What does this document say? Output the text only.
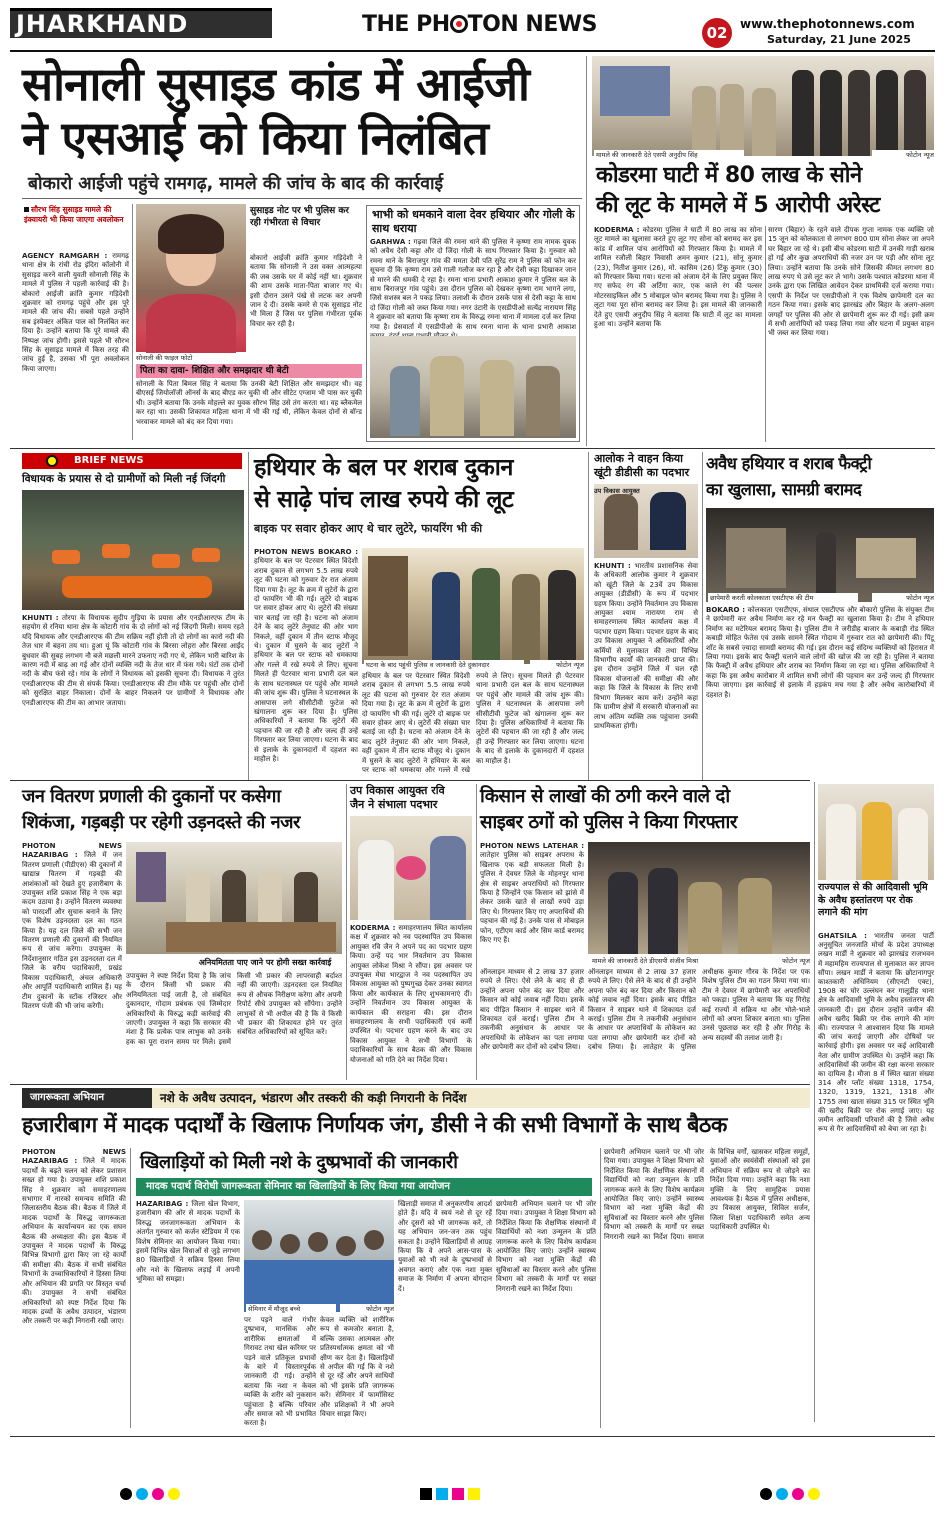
JHARKHAND	THE PH TON NEWS	02	www.thephotonnews.com
Saturday, 21 June 2025
सोनाली सुसाइड कांड में आईजी
ने एसआई को किया निलंबित
बोकारो आईजी पहुंचे रामगढ़, मामले की जांच के बाद की कार्रवाई
सौरभ सिंह सुसाइड मामले की इंक्वायरी भी किया जाएगा अवलोकन
AGENCY RAMGARH : रामगढ़ थाना क्षेत्र के रांची रोड इंदिरा कॉलोनी में सुसाइड करने वाली युवती सोनाली सिंह के मामले में पुलिस ने पहली कार्रवाई की है। बोकारो आईजी क्रांति कुमार गड़िदेशी शुक्रवार को रामगढ़ पहुंचे और इस पूरे मामले की जांच की। सबसे पहले उन्होंने सब इंस्पेक्टर अंकित पाल को निलंबित कर दिया है। उन्होंने बताया कि पूरे मामले की निष्पक्ष जांच होगी। इससे पहले भी सौरभ सिंह के सुसाइड मामले में किस तरह की जांच हुई है, उसका भी पूरा अवलोकन किया जाएगा।
सोनाली की फाइल फोटो
सुसाइड नोट पर भी पुलिस कर रही गंभीरता से विचार
बोकारो आईजी क्रांति कुमार गड़िदेशी ने बताया कि सोनाली ने उस वक्त आत्महत्या की जब उसके घर में कोई नहीं था। शुक्रवार की शाम उसके माता-पिता बाजार गए थे। इसी दौरान उसने पंखे से लटक कर अपनी जान दे दी। उसके कमरे से एक सुसाइड नोट भी मिला है जिस पर पुलिस गंभीरता पूर्वक विचार कर रही है।
पिता का दावा- शिक्षित और समझदार थी बेटी
सोनाली के पिता बिमल सिंह ने बताया कि उनकी बेटी शिक्षित और समझदार थी। वह बीएसई जियोलॉजी ऑनर्स के बाद बीएड कर चुकी थी और सीटेट एग्जाम भी पास कर चुकी थी। उन्होंने बताया कि उनके मोहल्ले का युवक सौरभ सिंह उसे तंग करता था। वह ब्लैकमेल कर रहा था। उसकी शिकायत महिला थाना में भी की गई थी, लेकिन केवल दोनों से बॉन्ड भरवाकर मामले को बंद कर दिया गया।
भाभी को धमकाने वाला देवर हथियार और गोली के साथ धराया
GARHWA : गढ़वा जिले की रमना थाने की पुलिस ने कृष्णा राम नामक युवक को अवैध देसी कट्टा और दो जिंदा गोली के साथ गिरफ्तार किया है। गुरुवार को रमना थाने के बिराजपुर गांव की ममता देवी पति सुरेंद्र राम ने पुलिस को फोन कर सूचना दी कि कृष्णा राम उसे गाली गलौज कर रहा है और देसी कट्टा दिखाकर जान से मारने की धमकी दे रहा है। रमना थाना प्रभारी आकाश कुमार ने पुलिस बल के साथ बिराजपुर गांव पहुंचे। उस दौरान पुलिस को देखकर कृष्णा राम भागने लगा, जिसे सशस्त्र बल ने पकड़ लिया। तलाशी के दौरान उसके पास से देसी कट्टा के साथ दो जिंदा गोली को जब्त किया गया। नगर उंटारी के एसडीपीओ सत्येंद्र नारायण सिंह ने शुक्रवार को बताया कि कृष्णा राम के विरुद्ध रमना थाना में मामला दर्ज कर लिया गया है। प्रेसवार्ता में एसडीपीओ के साथ रमना थाना के थाना प्रभारी आकाश
मामले की जानकारी देते एसपी अनुदीप सिंह	फोटोन न्यूज
कोडरमा घाटी में 80 लाख के सोने
की लूट के मामले में 5 आरोपी अरेस्ट
KODERMA : कोडरमा पुलिस ने घाटी में 80 लाख का सोना लूट मामले का खुलासा करते हुए लूट गए सोना को बरामद कर इस कांड में शामिल पांच आरोपियों को गिरफ्तार किया है। मामले में शामिल रजौली बिहार निवासी अमन कुमार (21), सोनू कुमार (23), नितीश कुमार (26), मो. कासिम (26) टिंकू कुमार (30) को गिरफ्तार किया गया। घटना को अंजाम देने के लिए प्रयुक्त किए गए सफेद रंग की अर्टिगा कार, एक काले रंग की पल्सर मोटरसाइकिल और 5 मोबाइल फोन बरामद किया गया है। पुलिस ने लूटा गया पूरा सोना बरामद कर लिया है। इस मामले की जानकारी देते हुए एसपी अनुदीप सिंह ने बताया कि घाटी में लूट का मामला हुआ था। उन्होंने बताया कि
सारण (बिहार) के रहने वाले दीपक गुप्ता नामक एक व्यक्ति जो 15 जून को कोलकाता से लगभग 800 ग्राम सोना लेकर जा अपने घर बिहार जा रहे थे। इसी बीच कोडरमा घाटी में उनकी गाड़ी खराब हो गई और कुछ अपराधियों की नजर उन पर पड़ी और सोना लूट लिया। उन्होंने बताया कि उनके सोने जिसकी कीमत लगभग 80 लाख रुपए थे उसे लूट कर ले भागे। उसके पश्चात कोडरमा थाना में उनके द्वारा एक लिखित आवेदन देकर प्राथमिकी दर्ज कराया गया। एसपी के निर्देश पर एसडीपीओ ने एक विशेष छापेमारी दल का गठन किया गया। इसके बाद झारखंड और बिहार के अलग-अलग जगहों पर पुलिस की ओर से छापेमारी शुरू कर दी गई। इसी क्रम में सभी आरोपियों को पकड़ लिया गया और घटना में प्रयुक्त वाहन भी जब्त कर लिया गया।
BRIEF NEWS
विधायक के प्रयास से दो ग्रामीणों को मिली नई जिंदगी
KHUNTI : तोरपा के विधायक सुदीप गुड़िया के प्रयास और एनडीआरएफ टीम के सहयोग से रनिया थाना क्षेत्र के कोटारी गांव के दो लोगों को नई जिंदगी मिली। समय रहते यदि विधायक और एनडीआरएफ की टीम सक्रिय नहीं होती तो दो लोगों का कारो नदी की तेज धार में बहना तय था। हुआ यूं कि कोटारी गांव के बिरसा लोहरा और बिरसा आईंद बुधवार की सुबह लगभग नौ बजे मछली मारने उफनाए नदी गए थे, लेकिन भारी बारिश के कारण नदी में बाढ़ आ गई और दोनों व्यक्ति नदी के तेज धार में फंस गये। घंटों तक दोनों नदी के बीच फंसे रहे। गांव के लोगों ने विधायक को इसकी सूचना दी। विधायक ने तुरंत एनडीआरएफ की टीम से संपर्क किया। एनडीआरएफ की टीम मौके पर पहुंची और दोनों को सुरक्षित बाहर निकाला। दोनों के बाहर निकलने पर ग्रामीणों ने विधायक और एनडीआरएफ की टीम का आभार जताया।
हथियार के बल पर शराब दुकान
से साढ़े पांच लाख रुपये की लूट
बाइक पर सवार होकर आए थे चार लुटेरे, फायरिंग भी की
PHOTON NEWS BOKARO : हथियार के बल पर पेटरवार स्थित विदेशी शराब दुकान से लगभग 5.5 लाख रुपये लूट की घटना को गुरुवार देर रात अंजाम दिया गया है। लूट के क्रम में लुटेरों के द्वारा दो फायरिंग भी की गई। लुटेरे दो बाइक पर सवार होकर आए थे। लुटेरों की संख्या चार बताई जा रही है। घटना को अंजाम देने के बाद लुटेरे तेनुघाट की ओर भाग निकले, वहीं दुकान में तीन स्टाफ मौजूद थे। दुकान में घुसने के बाद लुटेरों ने हथियार के बल पर स्टाफ को धमकाया और गल्ले में रखे रुपये ले लिए। सूचना मिलते ही पेटरवार थाना प्रभारी दल बल के साथ घटनास्थल पर पहुंचे और मामले की जांच शुरू की। पुलिस ने घटनास्थल के आसपास लगे सीसीटीवी फुटेज को खंगालना शुरू कर दिया है। पुलिस अधिकारियों ने बताया कि लुटेरों की पहचान की जा रही है और जल्द ही उन्हें गिरफ्तार कर लिया जाएगा। घटना के बाद से इलाके के दुकानदारों में दहशत का माहौल है।
घटना के बाद पहुंची पुलिस व जानकारी देते दुकानदार	फोटोन न्यूज
हथियार के बल पर पेटरवार स्थित विदेशी शराब दुकान से लगभग 5.5 लाख रुपये लूट की घटना को गुरुवार देर रात अंजाम दिया गया है। लूट के क्रम में लुटेरों के द्वारा दो फायरिंग भी की गई। लुटेरे दो बाइक पर सवार होकर आए थे। लुटेरों की संख्या चार बताई जा रही है। घटना को अंजाम देने के बाद लुटेरे तेनुघाट की ओर भाग निकले, वहीं दुकान में तीन स्टाफ मौजूद थे। दुकान में घुसने के बाद लुटेरों ने हथियार के बल पर स्टाफ को धमकाया और गल्ले में रखे रुपये ले लिए। सूचना मिलते ही पेटरवार थाना प्रभारी दल बल के साथ घटनास्थल पर पहुंचे और मामले की जांच शुरू की। पुलिस ने घटनास्थल के आसपास लगे सीसीटीवी फुटेज को खंगालना शुरू कर दिया है। पुलिस अधिकारियों ने बताया कि लुटेरों की पहचान की जा रही है और जल्द ही उन्हें गिरफ्तार कर लिया जाएगा। घटना के बाद से इलाके के दुकानदारों में दहशत का माहौल है।
आलोक ने वाहन किया
खूंटी डीडीसी का पदभार
उप विकास आयुक्त
KHUNTI : भारतीय प्रशासनिक सेवा के अधिकारी आलोक कुमार ने शुक्रवार को खूंटी जिले के 23वें उप विकास आयुक्त (डीडीसी) के रूप में पदभार ग्रहण किया। उन्होंने निवर्तमान उप विकास आयुक्त श्याम नारायण राम से समाहरणालय स्थित कार्यालय कक्ष में पदभार ग्रहण किया। पदभार ग्रहण के बाद उप विकास आयुक्त ने अधिकारियों और कर्मियों से मुलाकात की तथा विभिन्न विभागीय कार्यों की जानकारी प्राप्त की। इस दौरान उन्होंने जिले में चल रही विकास योजनाओं की समीक्षा की और कहा कि जिले के विकास के लिए सभी विभाग मिलकर काम करें। उन्होंने कहा कि ग्रामीण क्षेत्रों में सरकारी योजनाओं का लाभ अंतिम व्यक्ति तक पहुंचाना उनकी प्राथमिकता होगी।
अवैध हथियार व शराब फैक्ट्री
का खुलासा, सामग्री बरामद
छापेमारी करती कोलकाता एसटीएफ की टीम	फोटोन न्यूज
BOKARO : कोलकाता एसटीएफ, संथाल एसटीएफ और बोकारो पुलिस के संयुक्त टीम ने छापेमारी कर अवैध निर्माण कर रहे मन फैक्ट्री का खुलासा किया है। टीम ने हथियार निर्माण का मटेरियल बरामद किया है। पुलिस टीम ने जरीडीह बाजार के कबाड़ी रोड स्थित कबाड़ी मोहित फेतेस एवं उसके सामने स्थित गोदाम में गुरुवार रात को छापेमारी की। पिंटू शॉट के सबसे ज्यादा सामग्री बरामद की गई। इस दौरान कई संदिग्ध व्यक्तियों को हिरासत में लिया गया। इसके बाद फैक्ट्री चलाने वाले लोगों की खोज की जा रही है। पुलिस ने बताया कि फैक्ट्री में अवैध हथियार और शराब का निर्माण किया जा रहा था। पुलिस अधिकारियों ने कहा कि इस अवैध कारोबार में शामिल सभी लोगों की पहचान कर उन्हें जल्द ही गिरफ्तार किया जाएगा। इस कार्रवाई से इलाके में हड़कंप मच गया है और अवैध कारोबारियों में दहशत है।
जन वितरण प्रणाली की दुकानों पर कसेगा
शिकंजा, गड़बड़ी पर रहेगी उड़नदस्ते की नजर
PHOTON NEWS HAZARIBAG : जिले में जन वितरण प्रणाली (पीडीएस) की दुकानों में खाद्यान्न वितरण में गड़बड़ी की आशंकाओं को देखते हुए हजारीबाग के उपायुक्त शशि प्रकाश सिंह ने एक बड़ा कदम उठाया है। उन्होंने वितरण व्यवस्था को पारदर्शी और सुचारु बनाने के लिए एक विशेष उड़नदस्ता दल का गठन किया है। यह दल जिले की सभी जन वितरण प्रणाली की दुकानों की नियमित रूप से जांच करेगा। उपायुक्त के निर्देशानुसार गठित इस उड़नदस्ता दल में जिले के वरीय पदाधिकारी, प्रखंड विकास पदाधिकारी, अंचल अधिकारी और आपूर्ति पदाधिकारी शामिल हैं। यह टीम दुकानों के स्टॉक रजिस्टर और वितरण पंजी की भी जांच करेगी।
अनियमितता पाए जाने पर होगी सख्त कार्रवाई
उपायुक्त ने स्पष्ट निर्देश दिया है कि जांच के दौरान किसी भी प्रकार की अनियमितता पाई जाती है, तो संबंधित दुकानदार, गोदाम प्रबंधक एवं जिम्मेदार अधिकारियों के विरुद्ध कड़ी कार्रवाई की जाएगी। उपायुक्त ने कहा कि सरकार की मंशा है कि प्रत्येक पात्र लाभुक को उनके हक का पूरा राशन समय पर मिले। इसमें किसी भी प्रकार की लापरवाही बर्दाश्त नहीं की जाएगी। उड़नदस्ता दल नियमित रूप से औचक निरीक्षण करेगा और अपनी रिपोर्ट सीधे उपायुक्त को सौंपेगा। उन्होंने लाभुकों से भी अपील की है कि वे किसी भी प्रकार की शिकायत होने पर तुरंत संबंधित अधिकारियों को सूचित करें।
उप विकास आयुक्त रवि
जैन ने संभाला पदभार
KODERMA : समाहरणालय स्थित कार्यालय कक्ष में शुक्रवार को नव पदस्थापित उप विकास आयुक्त रवि जैन ने अपने पद का पदभार ग्रहण किया। उन्हें पद भार निवर्तमान उप विकास आयुक्त लोकेश मिश्रा ने सौंपा। इस अवसर पर उपायुक्त मेघा भारद्वाज ने नव पदस्थापित उप विकास आयुक्त को पुष्पगुच्छ देकर उनका स्वागत किया और कार्यकाल के लिए शुभकामनाएं दीं। उन्होंने निवर्तमान उप विकास आयुक्त के कार्यकाल की सराहना की। इस दौरान समाहरणालय के सभी पदाधिकारी एवं कर्मी उपस्थित थे। पदभार ग्रहण करने के बाद उप विकास आयुक्त ने सभी विभागों के पदाधिकारियों के साथ बैठक की और विकास योजनाओं को गति देने का निर्देश दिया।
किसान से लाखों की ठगी करने वाले दो
साइबर ठगों को पुलिस ने किया गिरफ्तार
PHOTON NEWS LATEHAR : लातेहार पुलिस को साइबर अपराध के खिलाफ एक बड़ी सफलता मिली है। पुलिस ने देवघर जिले के मोहनपुर थाना क्षेत्र से साइबर अपराधियों को गिरफ्तार किया है जिन्होंने एक किसान को झांसे में लेकर उसके खाते से लाखों रुपये उड़ा लिए थे। गिरफ्तार किए गए अपराधियों की पहचान की गई है। उनके पास से मोबाइल फोन, एटीएम कार्ड और सिम कार्ड बरामद किए गए हैं।
मामले की जानकारी देते डीएसपी संजीव मिश्रा	फोटोन न्यूज
ऑनलाइन माध्यम से 2 लाख 37 हजार रुपये ले लिए। ऐसे लेने के बाद से ही उन्होंने अपना फोन बंद कर दिया और किसान को कोई जवाब नहीं दिया। इसके बाद पीड़ित किसान ने साइबर थाने में शिकायत दर्ज कराई। पुलिस टीम ने तकनीकी अनुसंधान के आधार पर अपराधियों के लोकेशन का पता लगाया और छापेमारी कर दोनों को दबोच लिया।
ऑनलाइन माध्यम से 2 लाख 37 हजार रुपये ले लिए। ऐसे लेने के बाद से ही उन्होंने अपना फोन बंद कर दिया और किसान को कोई जवाब नहीं दिया। इसके बाद पीड़ित किसान ने साइबर थाने में शिकायत दर्ज कराई। पुलिस टीम ने तकनीकी अनुसंधान के आधार पर अपराधियों के लोकेशन का पता लगाया और छापेमारी कर दोनों को दबोच लिया। है। लातेहार के पुलिस अधीक्षक कुमार गौरव के निर्देश पर एक विशेष पुलिस टीम का गठन किया गया था। टीम ने देवघर में छापेमारी कर अपराधियों को पकड़ा। पुलिस ने बताया कि यह गिरोह कई राज्यों में सक्रिय था और भोले-भाले लोगों को अपना शिकार बनाता था। पुलिस उनसे पूछताछ कर रही है और गिरोह के अन्य सदस्यों की तलाश जारी है।
राज्यपाल से की आदिवासी भूमि के अवैध हस्तांतरण पर रोक लगाने की मांग
GHATSILA : भारतीय जनता पार्टी अनुसूचित जनजाति मोर्चा के प्रदेश उपाध्यक्ष लखन मार्डी ने शुक्रवार को झारखंड राजभवन में महामहिम राज्यपाल से मुलाकात कर ज्ञापन सौंपा। लखन मार्डी ने बताया कि छोटानागपुर काश्तकारी अधिनियम (सीएनटी एक्ट), 1908 का घोर उल्लंघन कर गालूडीह थाना क्षेत्र के आदिवासी भूमि के अवैध हस्तांतरण की जानकारी दी। इस दौरान उन्होंने जमीन की अवैध खरीद बिक्री पर रोक लगाने की मांग की। राज्यपाल ने आश्वासन दिया कि मामले की जांच कराई जाएगी और दोषियों पर कार्रवाई होगी। इस अवसर पर कई आदिवासी नेता और ग्रामीण उपस्थित थे। उन्होंने कहा कि आदिवासियों की जमीन की रक्षा करना सरकार का दायित्व है। मौजा 8 में स्थित खाता संख्या 314 और प्लॉट संख्या 1318, 1754, 1320, 1319, 1321, 1318 और 1755 तथा खाता संख्या 315 पर स्थित भूमि की खरीद बिक्री पर रोक लगाई जाए। यह जमीन आदिवासी परिवारों की है जिसे अवैध रूप से गैर आदिवासियों को बेचा जा रहा है।
जागरूकता अभियान	नशे के अवैध उत्पादन, भंडारण और तस्करी की कड़ी निगरानी के निर्देश
हजारीबाग में मादक पदार्थों के खिलाफ निर्णायक जंग, डीसी ने की सभी विभागों के साथ बैठक
PHOTON NEWS HAZARIBAG : जिले में मादक पदार्थों के बढ़ते चलन को लेकर प्रशासन सख्त हो गया है। उपायुक्त शशि प्रकाश सिंह ने शुक्रवार को समाहरणालय सभागार में नारको समन्वय समिति की जिलास्तरीय बैठक की। बैठक में जिले में मादक पदार्थों के विरुद्ध जागरूकता अभियान के कार्यान्वयन का एक सघन बैठक की अध्यक्षता की। इस बैठक में उपायुक्त ने मादक पदार्थों के विरुद्ध विभिन्न विभागों द्वारा किए जा रहे कार्यों की समीक्षा की। बैठक में सभी संबंधित विभागों के उच्चाधिकारियों ने हिस्सा लिया और अभियान की प्रगति पर विस्तृत चर्चा की। उपायुक्त ने सभी संबंधित अधिकारियों को स्पष्ट निर्देश दिया कि मादक द्रव्यों के अवैध उत्पादन, भंडारण और तस्करी पर कड़ी निगरानी रखी जाए।
खिलाड़ियों को मिली नशे के दुष्प्रभावों की जानकारी
मादक पदार्थ विरोधी जागरूकता सेमिनार का खिलाड़ियों के लिए किया गया आयोजन
HAZARIBAG : जिला खेल विभाग, हजारीबाग की ओर से मादक पदार्थों के विरुद्ध जनजागरूकता अभियान के अंतर्गत गुरुवार को कर्जन स्टेडियम में एक विशेष सेमिनार का आयोजन किया गया। इसमें विभिन्न खेल विधाओं से जुड़े लगभग 80 खिलाड़ियों ने सक्रिय हिस्सा लिया और नशे के खिलाफ लड़ाई में अपनी भूमिका को समझा।
सेमिनार में मौजूद बच्चे	फोटोन न्यूज
पर पड़ने वाले गंभीर दुष्प्रभाव, मानसिक और शारीरिक क्षमताओं में गिरावट तथा खेल करियर पर पड़ने वाले प्रतिकूल प्रभावों के बारे में विस्तारपूर्वक जानकारी दी गई। उन्होंने बताया कि नशा न केवल व्यक्ति के शरीर को नुकसान पहुंचाता है बल्कि परिवार और समाज को भी प्रभावित करता है।
केवल व्यक्ति को शारीरिक रूप से कमजोर बनाता है, बल्कि उसका आत्मबल और प्रतिस्पर्धात्मक क्षमता को भी क्षीण कर देता है। खिलाड़ियों से अपील की गई कि वे नशे से दूर रहें और अपने साथियों को भी इसके प्रति जागरूक करें। सेमिनार में फार्मासिस्ट और प्रशिक्षकों ने भी अपने विचार साझा किए।
खिलाड़ी समाज में अनुकरणीय आदर्श होते हैं। यदि वे स्वयं नशे से दूर रहें और दूसरों को भी जागरूक करें, तो यह अभियान जन-जन तक पहुंच सकता है। उन्होंने खिलाड़ियों से आग्रह किया कि वे अपने आस-पास के युवाओं को भी नशे के दुष्प्रभावों से अवगत कराएं और एक नशा मुक्त समाज के निर्माण में अपना योगदान दें।
छापेमारी अभियान चलाने पर भी जोर दिया गया। उपायुक्त ने शिक्षा विभाग को निर्देशित किया कि शैक्षणिक संस्थानों में विद्यार्थियों को नशा उन्मूलन के प्रति जागरूक करने के लिए विशेष कार्यक्रम आयोजित किए जाएं। उन्होंने स्वास्थ्य विभाग को नशा मुक्ति केंद्रों की सुविधाओं का विस्तार करने और पुलिस विभाग को तस्करी के मार्गों पर सख्त निगरानी रखने का निर्देश दिया।
छापेमारी अभियान चलाने पर भी जोर दिया गया। उपायुक्त ने शिक्षा विभाग को निर्देशित किया कि शैक्षणिक संस्थानों में विद्यार्थियों को नशा उन्मूलन के प्रति जागरूक करने के लिए विशेष कार्यक्रम आयोजित किए जाएं। उन्होंने स्वास्थ्य विभाग को नशा मुक्ति केंद्रों की सुविधाओं का विस्तार करने और पुलिस विभाग को तस्करी के मार्गों पर सख्त निगरानी रखने का निर्देश दिया। समाज के विभिन्न वर्गों, खासकर महिला समूहों, युवाओं और स्वयंसेवी संस्थाओं को इस अभियान में सक्रिय रूप से जोड़ने का निर्देश दिया गया। उन्होंने कहा कि नशा मुक्ति के लिए सामूहिक प्रयास आवश्यक है। बैठक में पुलिस अधीक्षक, उप विकास आयुक्त, सिविल सर्जन, जिला शिक्षा पदाधिकारी समेत अन्य पदाधिकारी उपस्थित थे।
